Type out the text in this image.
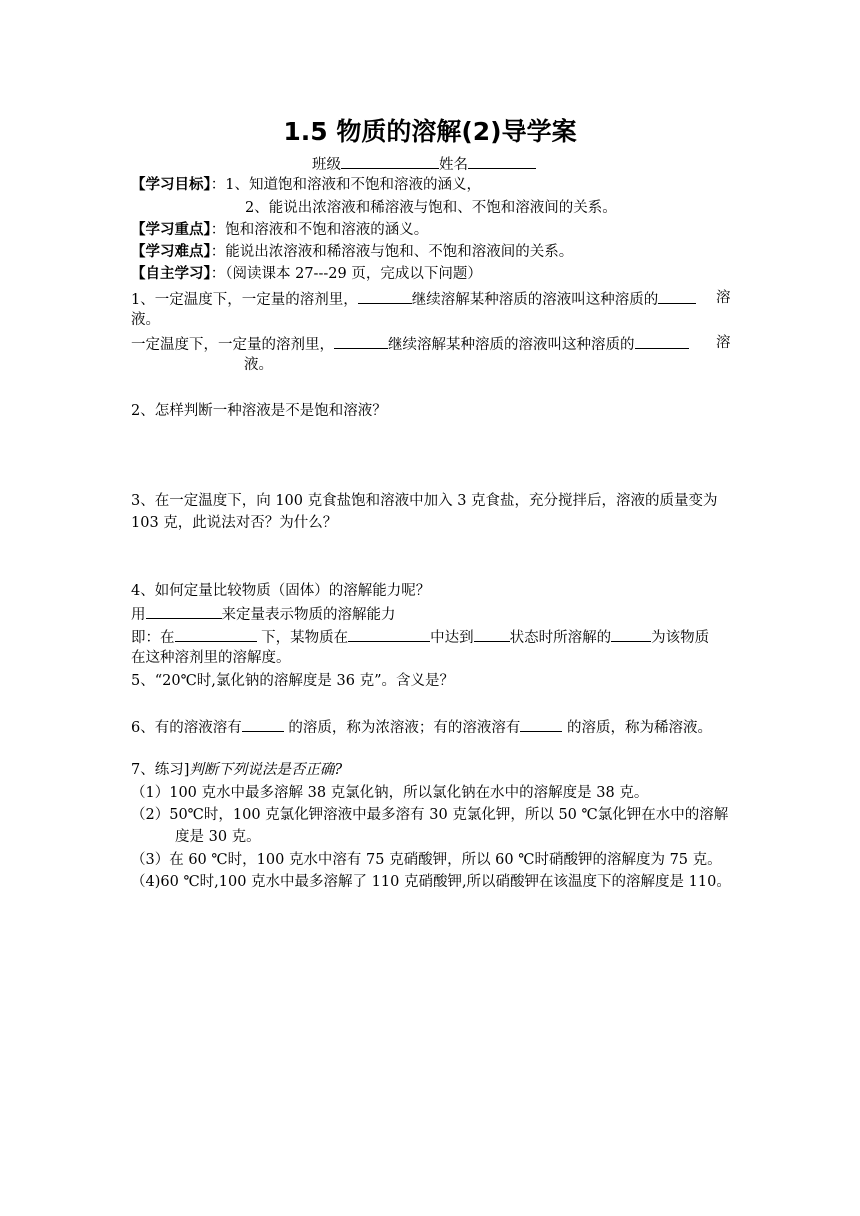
1.5 物质的溶解(2)导学案
班级	姓名
【学习目标】：1、知道饱和溶液和不饱和溶液的涵义，
2、能说出浓溶液和稀溶液与饱和、不饱和溶液间的关系。
【学习重点】：饱和溶液和不饱和溶液的涵义。
【学习难点】：能说出浓溶液和稀溶液与饱和、不饱和溶液间的关系。
【自主学习】：（阅读课本 27---29 页，完成以下问题）
1、一定温度下，一定量的溶剂里，	继续溶解某种溶质的溶液叫这种溶质的	溶
液。
一定温度下，一定量的溶剂里，	继续溶解某种溶质的溶液叫这种溶质的	溶
液。
2、怎样判断一种溶液是不是饱和溶液？
3、在一定温度下，向 100 克食盐饱和溶液中加入 3 克食盐，充分搅拌后，溶液的质量变为
103 克，此说法对否？为什么？
4、如何定量比较物质（固体）的溶解能力呢？
用	来定量表示物质的溶解能力
即：在	下，某物质在	中达到 状态时所溶解的	为该物质
在这种溶剂里的溶解度。
5、“20℃时,氯化钠的溶解度是 36 克”。含义是？
6、有的溶液溶有	的溶质，称为浓溶液；有的溶液溶有	的溶质，称为稀溶液。
7、练习]判断下列说法是否正确?
（1）100 克水中最多溶解 38 克氯化钠，所以氯化钠在水中的溶解度是 38 克。
（2）50℃时，100 克氯化钾溶液中最多溶有 30 克氯化钾，所以 50 ℃氯化钾在水中的溶解
度是 30 克。
（3）在 60 ℃时，100 克水中溶有 75 克硝酸钾，所以 60 ℃时硝酸钾的溶解度为 75 克。
（4)60 ℃时,100 克水中最多溶解了 110 克硝酸钾,所以硝酸钾在该温度下的溶解度是 110。
